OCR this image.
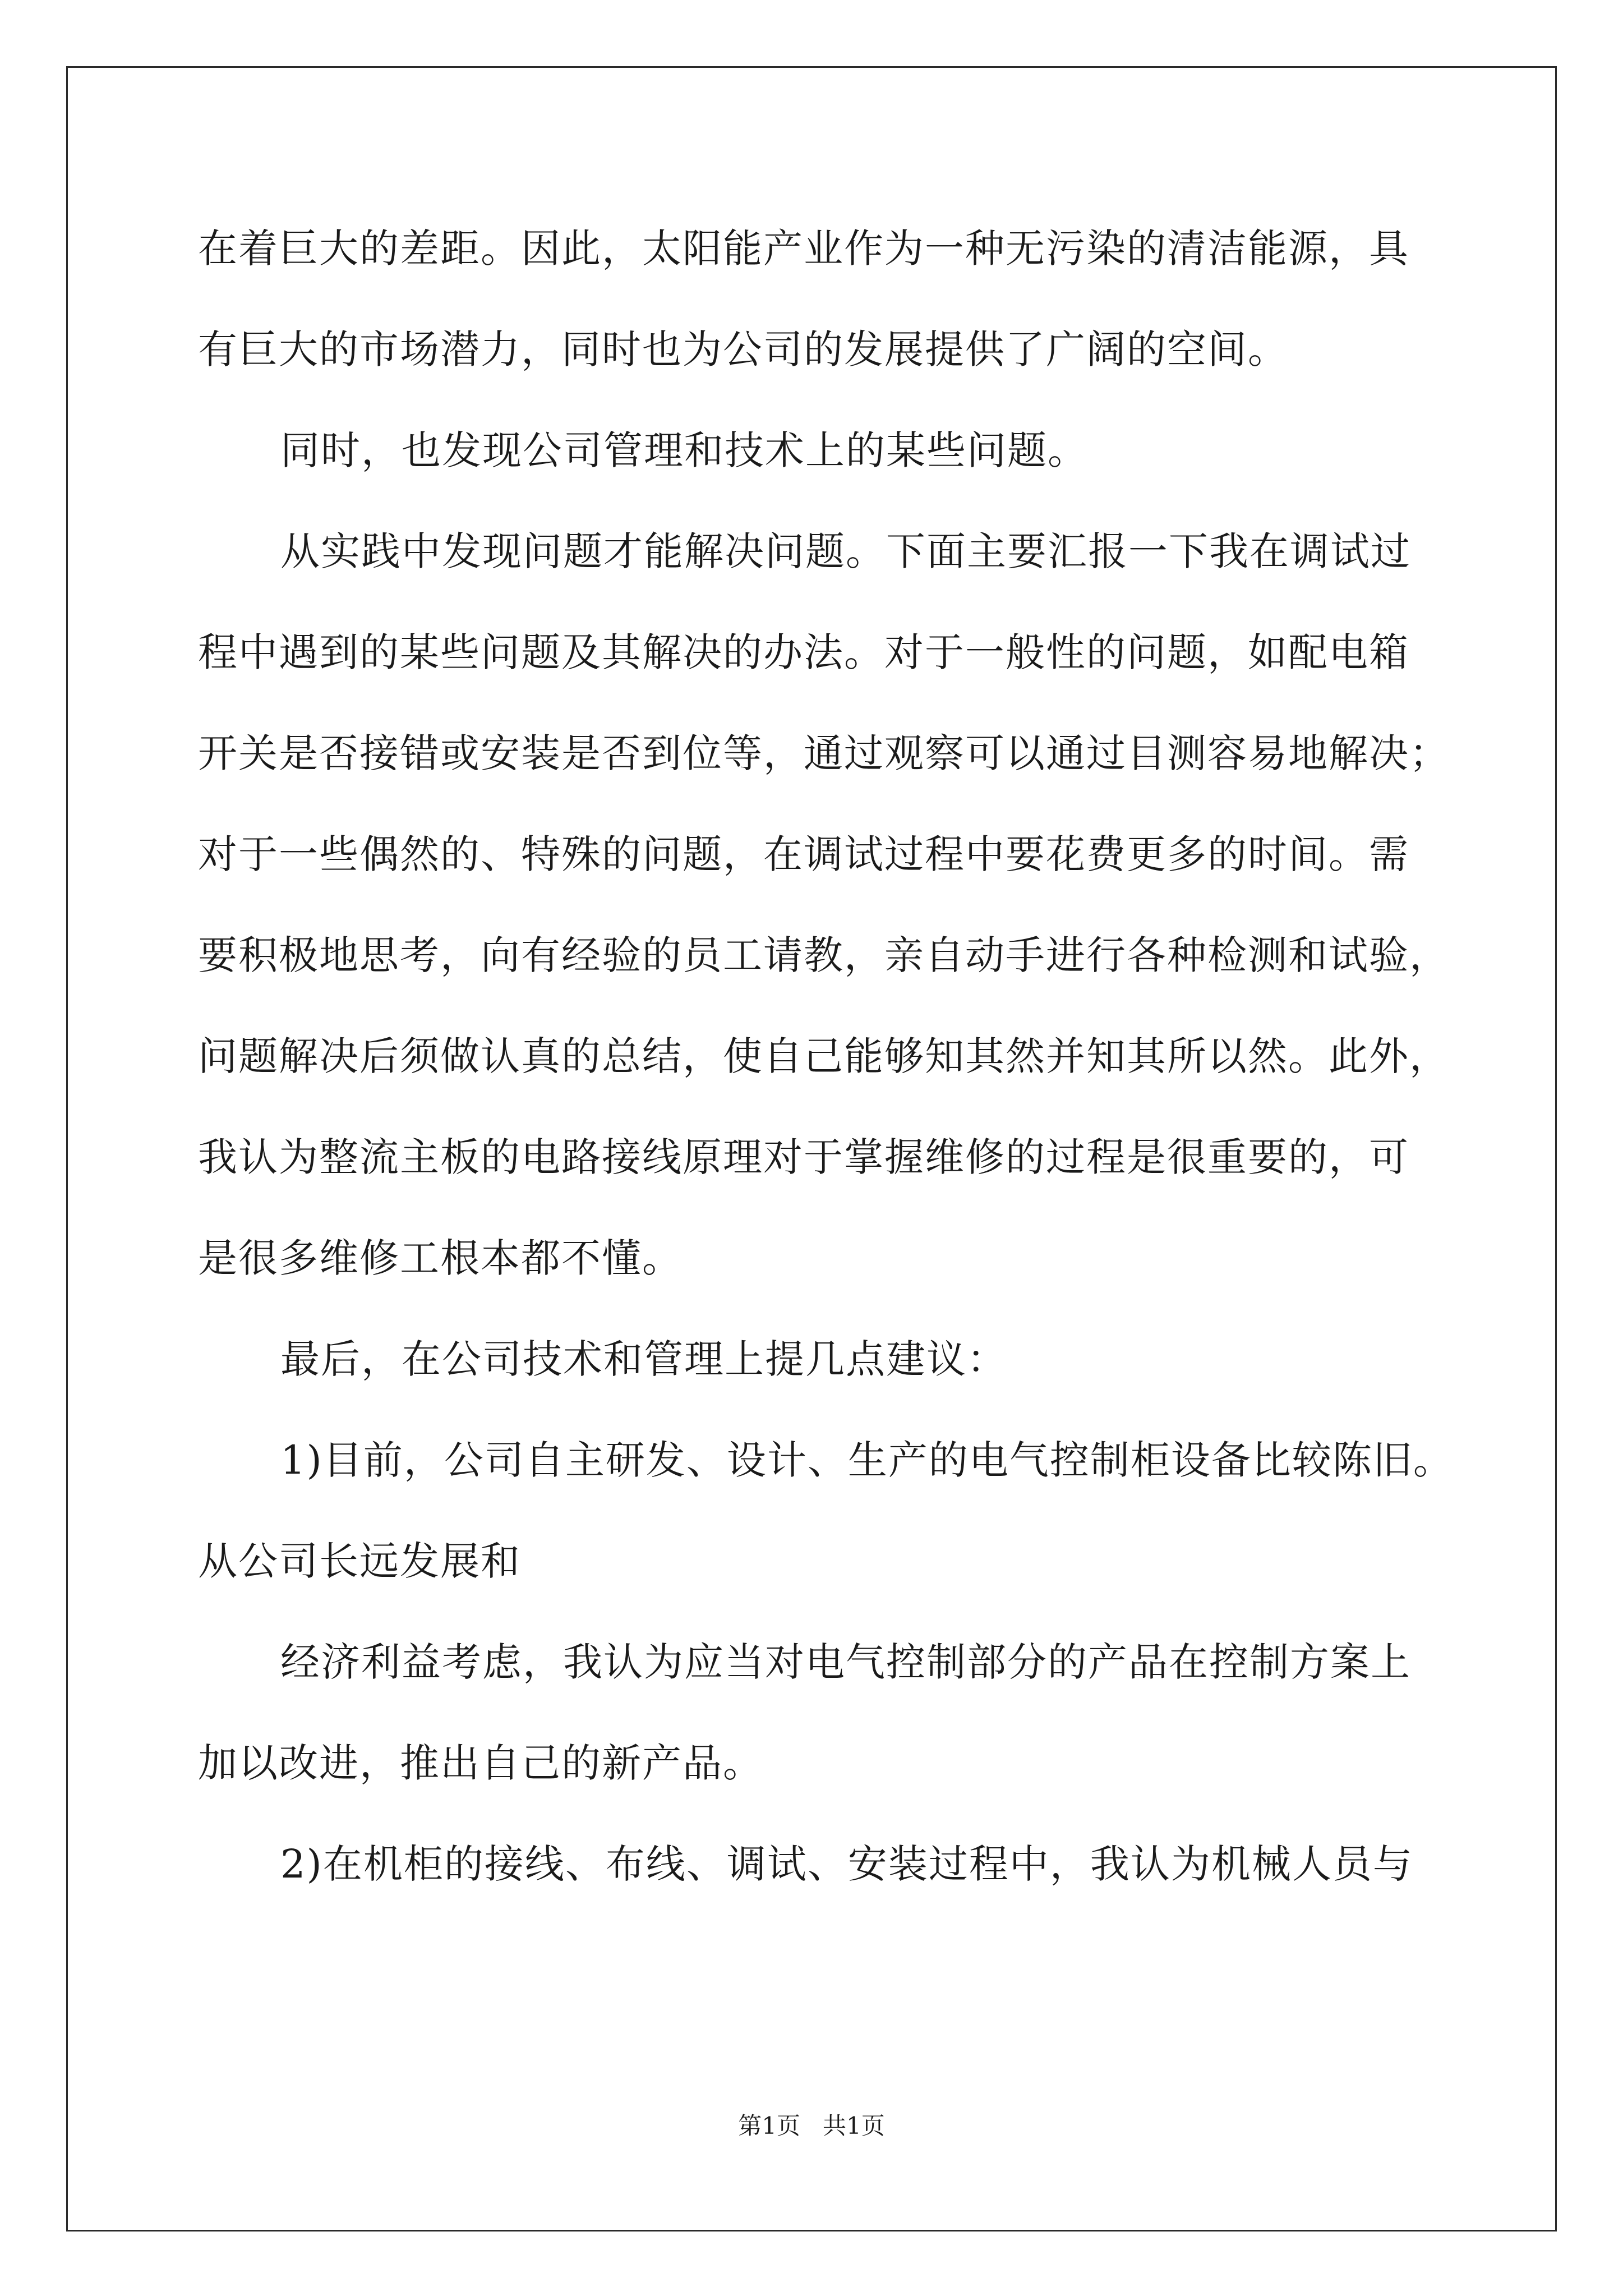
在着巨大的差距。因此，太阳能产业作为一种无污染的清洁能源，具
有巨大的市场潜力，同时也为公司的发展提供了广阔的空间。
同时，也发现公司管理和技术上的某些问题。
从实践中发现问题才能解决问题。下面主要汇报一下我在调试过
程中遇到的某些问题及其解决的办法。对于一般性的问题，如配电箱
开关是否接错或安装是否到位等，通过观察可以通过目测容易地解决；
对于一些偶然的、特殊的问题，在调试过程中要花费更多的时间。需
要积极地思考，向有经验的员工请教，亲自动手进行各种检测和试验，
问题解决后须做认真的总结，使自己能够知其然并知其所以然。此外，
我认为整流主板的电路接线原理对于掌握维修的过程是很重要的，可
是很多维修工根本都不懂。
最后，在公司技术和管理上提几点建议：
1)目前，公司自主研发、设计、生产的电气控制柜设备比较陈旧。
从公司长远发展和
经济利益考虑，我认为应当对电气控制部分的产品在控制方案上
加以改进，推出自己的新产品。
2)在机柜的接线、布线、调试、安装过程中，我认为机械人员与
第1页   共1页
